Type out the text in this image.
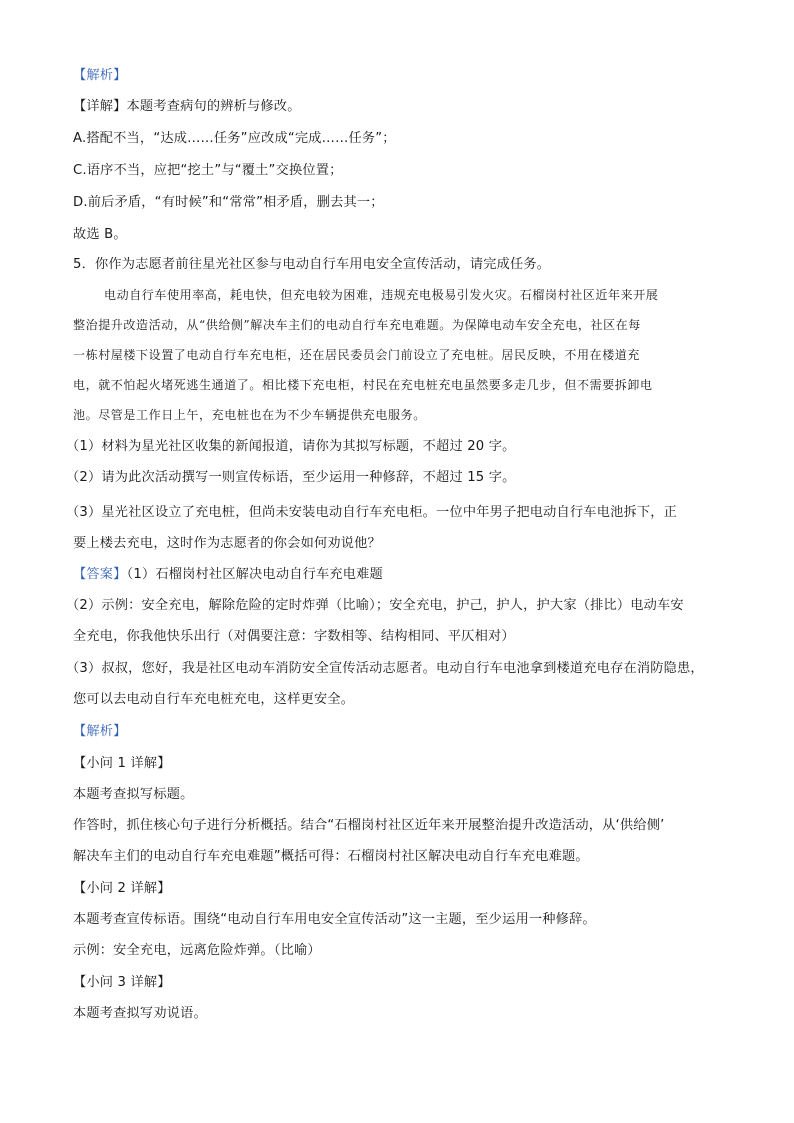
【解析】

【详解】本题考查病句的辨析与修改。

A.搭配不当，“达成……任务”应改成“完成……任务”；

C.语序不当，应把“挖土”与“覆土”交换位置；

D.前后矛盾，“有时候”和“常常”相矛盾，删去其一；

故选 B。

5．你作为志愿者前往星光社区参与电动自行车用电安全宣传活动，请完成任务。

电动自行车使用率高，耗电快，但充电较为困难，违规充电极易引发火灾。石榴岗村社区近年来开展

整治提升改造活动，从“供给侧”解决车主们的电动自行车充电难题。为保障电动车安全充电，社区在每

一栋村屋楼下设置了电动自行车充电柜，还在居民委员会门前设立了充电桩。居民反映，不用在楼道充

电，就不怕起火堵死逃生通道了。相比楼下充电柜，村民在充电桩充电虽然要多走几步，但不需要拆卸电

池。尽管是工作日上午，充电桩也在为不少车辆提供充电服务。

（1）材料为星光社区收集的新闻报道，请你为其拟写标题，不超过 20 字。

（2）请为此次活动撰写一则宣传标语，至少运用一种修辞，不超过 15 字。

（3）星光社区设立了充电桩，但尚未安装电动自行车充电柜。一位中年男子把电动自行车电池拆下，正

要上楼去充电，这时作为志愿者的你会如何劝说他？

【答案】（1）石榴岗村社区解决电动自行车充电难题

（2）示例：安全充电，解除危险的定时炸弹（比喻）；安全充电，护己，护人，护大家（排比）电动车安

全充电，你我他快乐出行（对偶要注意：字数相等、结构相同、平仄相对）

（3）叔叔，您好，我是社区电动车消防安全宣传活动志愿者。电动自行车电池拿到楼道充电存在消防隐患，

您可以去电动自行车充电桩充电，这样更安全。

【解析】

【小问 1 详解】

本题考查拟写标题。

作答时，抓住核心句子进行分析概括。结合“石榴岗村社区近年来开展整治提升改造活动，从‘供给侧’

解决车主们的电动自行车充电难题”概括可得：石榴岗村社区解决电动自行车充电难题。

【小问 2 详解】

本题考查宣传标语。围绕“电动自行车用电安全宣传活动”这一主题，至少运用一种修辞。

示例：安全充电，远离危险炸弹。（比喻）

【小问 3 详解】

本题考查拟写劝说语。
